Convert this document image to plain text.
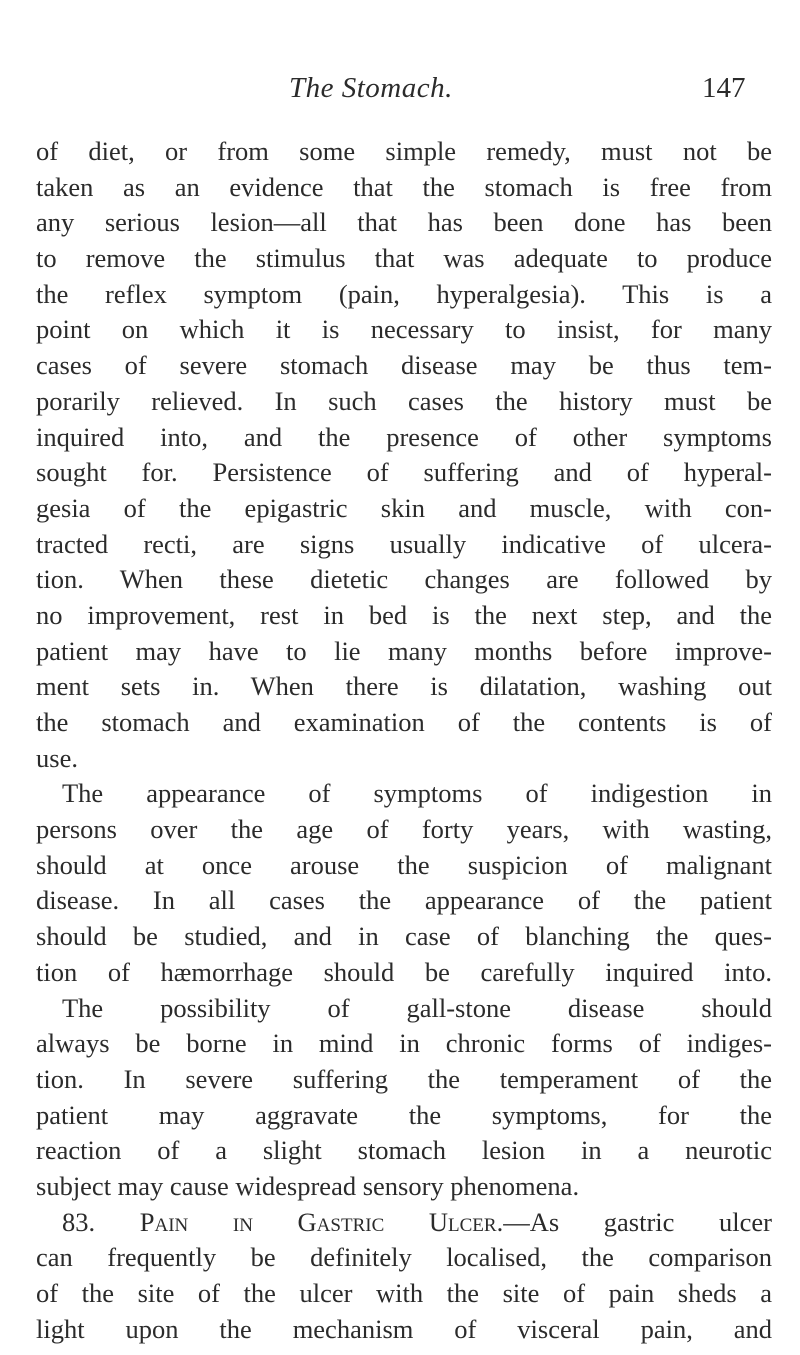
The Stomach.	147
of diet, or from some simple remedy, must not be
taken as an evidence that the stomach is free from
any serious lesion—all that has been done has been
to remove the stimulus that was adequate to produce
the reflex symptom (pain, hyperalgesia). This is a
point on which it is necessary to insist, for many
cases of severe stomach disease may be thus tem-
porarily relieved. In such cases the history must be
inquired into, and the presence of other symptoms
sought for. Persistence of suffering and of hyperal-
gesia of the epigastric skin and muscle, with con-
tracted recti, are signs usually indicative of ulcera-
tion. When these dietetic changes are followed by
no improvement, rest in bed is the next step, and the
patient may have to lie many months before improve-
ment sets in. When there is dilatation, washing out
the stomach and examination of the contents is of
use.
The appearance of symptoms of indigestion in
persons over the age of forty years, with wasting,
should at once arouse the suspicion of malignant
disease. In all cases the appearance of the patient
should be studied, and in case of blanching the ques-
tion of hæmorrhage should be carefully inquired into.
The possibility of gall-stone disease should
always be borne in mind in chronic forms of indiges-
tion. In severe suffering the temperament of the
patient may aggravate the symptoms, for the
reaction of a slight stomach lesion in a neurotic
subject may cause widespread sensory phenomena.
83. Pain in Gastric Ulcer.—As gastric ulcer
can frequently be definitely localised, the comparison
of the site of the ulcer with the site of pain sheds a
light upon the mechanism of visceral pain, and
